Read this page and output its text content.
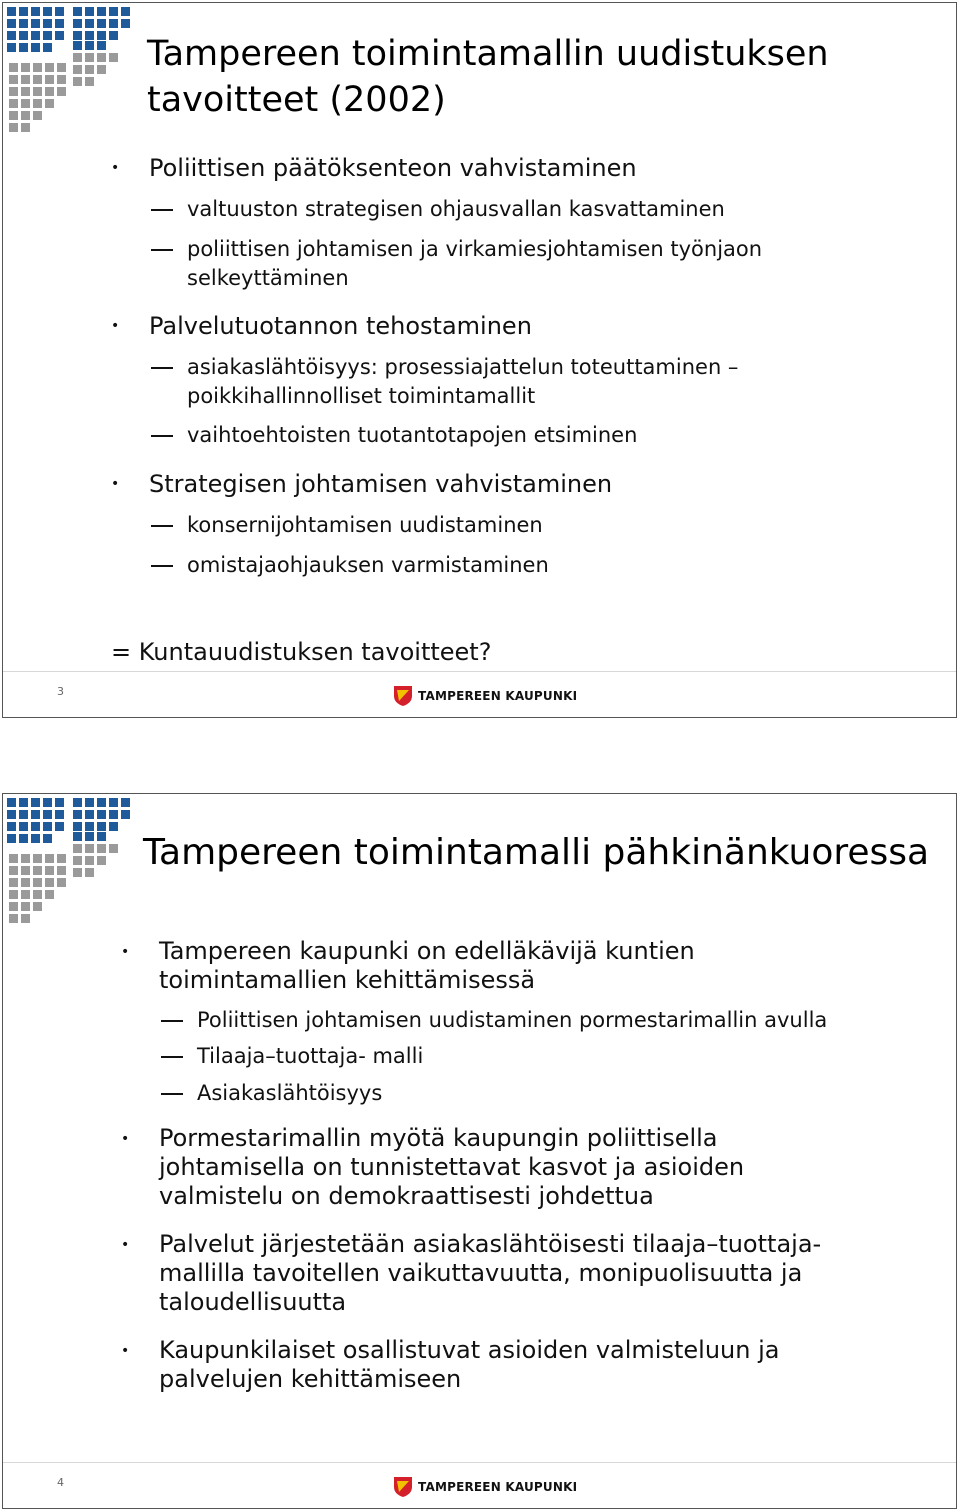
Tampereen toimintamallin uudistuksen tavoitteet (2002)
• Poliittisen päätöksenteon vahvistaminen
valtuuston strategisen ohjausvallan kasvattaminen
poliittisen johtamisen ja virkamiesjohtamisen työnjaon selkeyttäminen
• Palvelutuotannon tehostaminen
asiakaslähtöisyys: prosessiajattelun toteuttaminen – poikkihallinnolliset toimintamallit
vaihtoehtoisten tuotantotapojen etsiminen
• Strategisen johtamisen vahvistaminen
konsernijohtamisen uudistaminen
omistajaohjauksen varmistaminen
= Kuntauudistuksen tavoitteet?
3	TAMPEREEN KAUPUNKI
Tampereen toimintamalli pähkinänkuoressa
• Tampereen kaupunki on edelläkävijä kuntien toimintamallien kehittämisessä
Poliittisen johtamisen uudistaminen pormestarimallin avulla
Tilaaja–tuottaja- malli
Asiakaslähtöisyys
• Pormestarimallin myötä kaupungin poliittisella johtamisella on tunnistettavat kasvot ja asioiden valmistelu on demokraattisesti johdettua
• Palvelut järjestetään asiakaslähtöisesti tilaaja–tuottaja-mallilla tavoitellen vaikuttavuutta, monipuolisuutta ja taloudellisuutta
• Kaupunkilaiset osallistuvat asioiden valmisteluun ja palvelujen kehittämiseen
4	TAMPEREEN KAUPUNKI
